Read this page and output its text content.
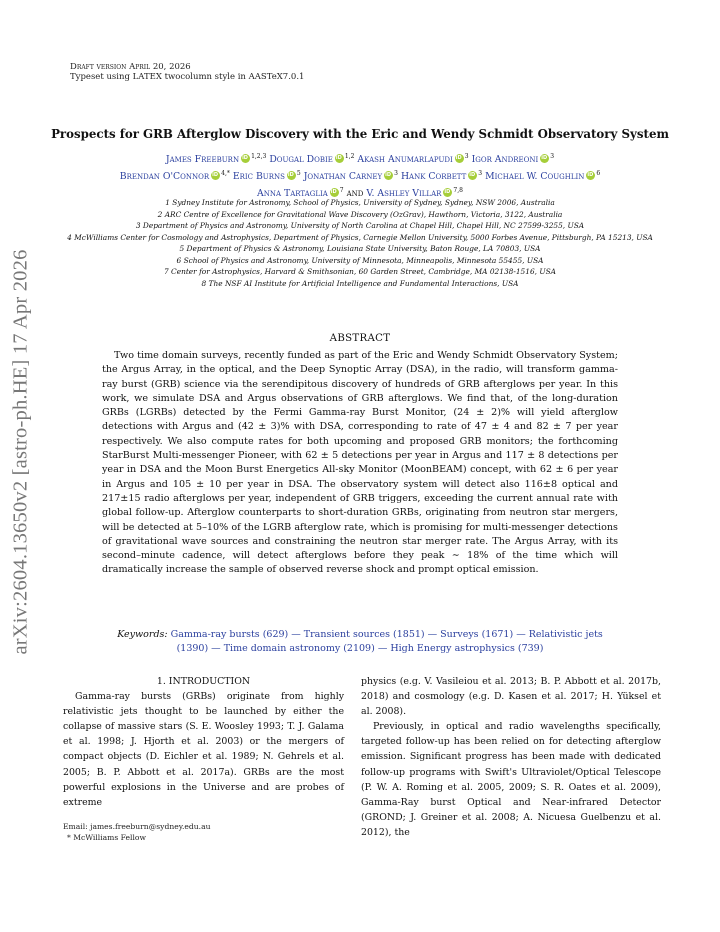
Draft version April 20, 2026
Typeset using LATEX twocolumn style in AASTeX7.0.1
arXiv:2604.13650v2 [astro-ph.HE] 17 Apr 2026
Prospects for GRB Afterglow Discovery with the Eric and Wendy Schmidt Observatory System
James Freeburn iD $^{1,2,3}$ Dougal Dobie iD $^{1,2}$ Akash Anumarlapudi iD $^3$ Igor Andreoni iD $^3$
Brendan O'Connor iD $^{4,*}$ Eric Burns iD $^5$ Jonathan Carney iD $^3$ Hank Corbett iD $^3$ Michael W. Coughlin iD $^6$
Anna Tartaglia iD $^7$ and V. Ashley Villar iD $^{7,8}$
1 Sydney Institute for Astronomy, School of Physics, University of Sydney, Sydney, NSW 2006, Australia
2 ARC Centre of Excellence for Gravitational Wave Discovery (OzGrav), Hawthorn, Victoria, 3122, Australia
3 Department of Physics and Astronomy, University of North Carolina at Chapel Hill, Chapel Hill, NC 27599-3255, USA
4 McWilliams Center for Cosmology and Astrophysics, Department of Physics, Carnegie Mellon University, 5000 Forbes Avenue, Pittsburgh, PA 15213, USA
5 Department of Physics & Astronomy, Louisiana State University, Baton Rouge, LA 70803, USA
6 School of Physics and Astronomy, University of Minnesota, Minneapolis, Minnesota 55455, USA
7 Center for Astrophysics, Harvard & Smithsonian, 60 Garden Street, Cambridge, MA 02138-1516, USA
8 The NSF AI Institute for Artificial Intelligence and Fundamental Interactions, USA
ABSTRACT
Two time domain surveys, recently funded as part of the Eric and Wendy Schmidt Observatory System; the Argus Array, in the optical, and the Deep Synoptic Array (DSA), in the radio, will transform gamma-ray burst (GRB) science via the serendipitous discovery of hundreds of GRB afterglows per year. In this work, we simulate DSA and Argus observations of GRB afterglows. We find that, of the long-duration GRBs (LGRBs) detected by the Fermi Gamma-ray Burst Monitor, (24 ± 2)% will yield afterglow detections with Argus and (42 ± 3)% with DSA, corresponding to rate of 47 ± 4 and 82 ± 7 per year respectively. We also compute rates for both upcoming and proposed GRB monitors; the forthcoming StarBurst Multi-messenger Pioneer, with 62 ± 5 detections per year in Argus and 117 ± 8 detections per year in DSA and the Moon Burst Energetics All-sky Monitor (MoonBEAM) concept, with 62 ± 6 per year in Argus and 105 ± 10 per year in DSA. The observatory system will detect also 116±8 optical and 217±15 radio afterglows per year, independent of GRB triggers, exceeding the current annual rate with global follow-up. Afterglow counterparts to short-duration GRBs, originating from neutron star mergers, will be detected at 5–10% of the LGRB afterglow rate, which is promising for multi-messenger detections of gravitational wave sources and constraining the neutron star merger rate. The Argus Array, with its second–minute cadence, will detect afterglows before they peak ∼ 18% of the time which will dramatically increase the sample of observed reverse shock and prompt optical emission.
Keywords: Gamma-ray bursts (629) — Transient sources (1851) — Surveys (1671) — Relativistic jets (1390) — Time domain astronomy (2109) — High Energy astrophysics (739)
1. INTRODUCTION
Gamma-ray bursts (GRBs) originate from highly relativistic jets thought to be launched by either the collapse of massive stars (S. E. Woosley 1993; T. J. Galama et al. 1998; J. Hjorth et al. 2003) or the mergers of compact objects (D. Eichler et al. 1989; N. Gehrels et al. 2005; B. P. Abbott et al. 2017a). GRBs are the most powerful explosions in the Universe and are probes of extreme
physics (e.g. V. Vasileiou et al. 2013; B. P. Abbott et al. 2017b, 2018) and cosmology (e.g. D. Kasen et al. 2017; H. Yüksel et al. 2008).
Previously, in optical and radio wavelengths specifically, targeted follow-up has been relied on for detecting afterglow emission. Significant progress has been made with dedicated follow-up programs with Swift's Ultraviolet/Optical Telescope (P. W. A. Roming et al. 2005, 2009; S. R. Oates et al. 2009), Gamma-Ray burst Optical and Near-infrared Detector (GROND; J. Greiner et al. 2008; A. Nicuesa Guelbenzu et al. 2012), the
Email: james.freeburn@sydney.edu.au
* McWilliams Fellow
